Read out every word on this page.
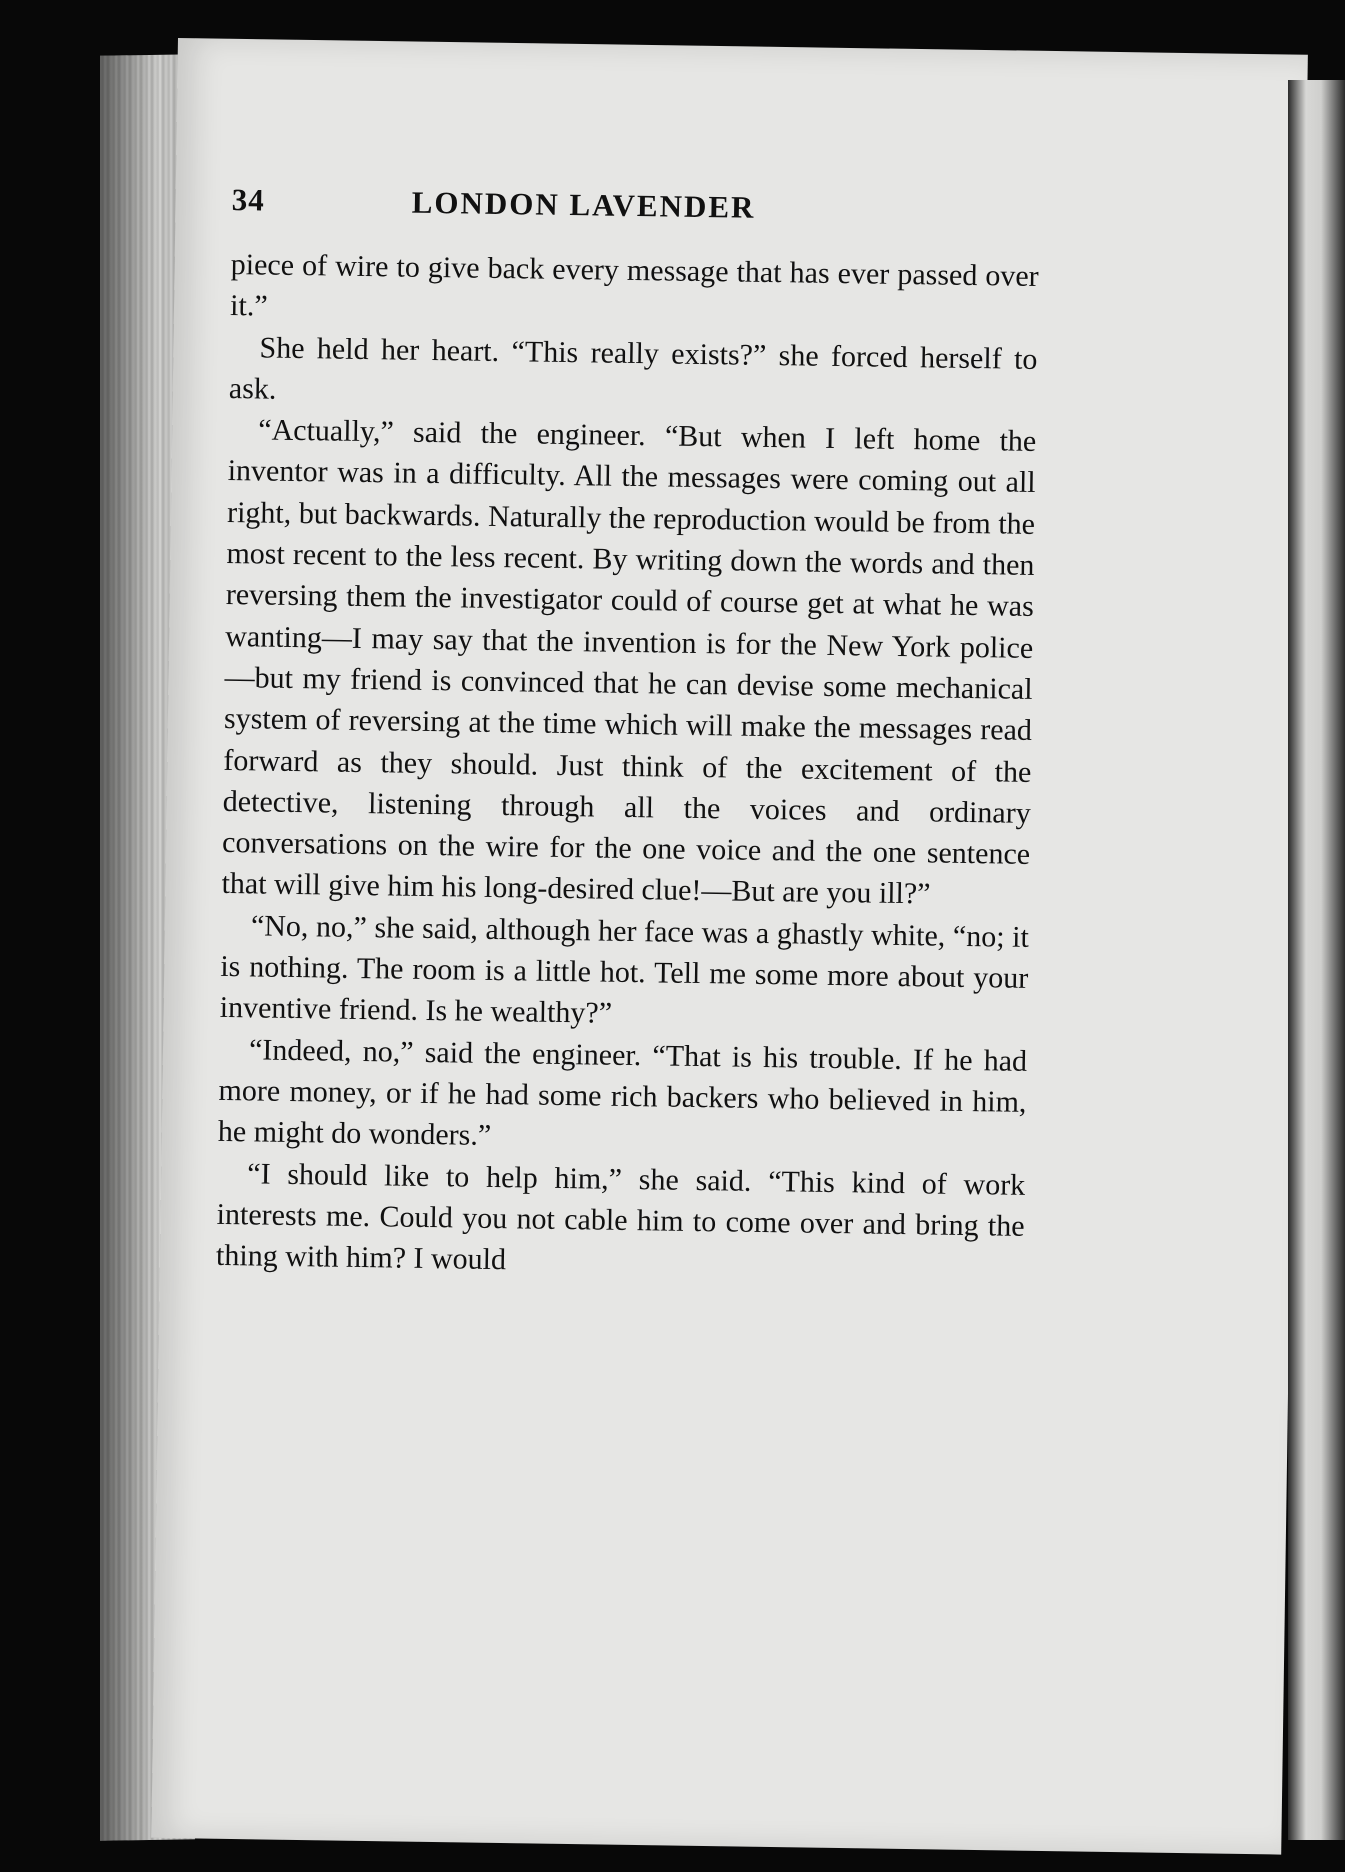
34	LONDON LAVENDER

piece of wire to give back every message that has ever passed over it.”

She held her heart. “This really exists?” she forced herself to ask.

“Actually,” said the engineer. “But when I left home the inventor was in a difficulty. All the messages were coming out all right, but backwards. Naturally the reproduction would be from the most recent to the less recent. By writing down the words and then reversing them the investigator could of course get at what he was wanting—I may say that the invention is for the New York police—but my friend is convinced that he can devise some mechanical system of reversing at the time which will make the messages read forward as they should. Just think of the excitement of the detective, listening through all the voices and ordinary conversations on the wire for the one voice and the one sentence that will give him his long-desired clue!—But are you ill?”

“No, no,” she said, although her face was a ghastly white, “no; it is nothing. The room is a little hot. Tell me some more about your inventive friend. Is he wealthy?”

“Indeed, no,” said the engineer. “That is his trouble. If he had more money, or if he had some rich backers who believed in him, he might do wonders.”

“I should like to help him,” she said. “This kind of work interests me. Could you not cable him to come over and bring the thing with him? I would
